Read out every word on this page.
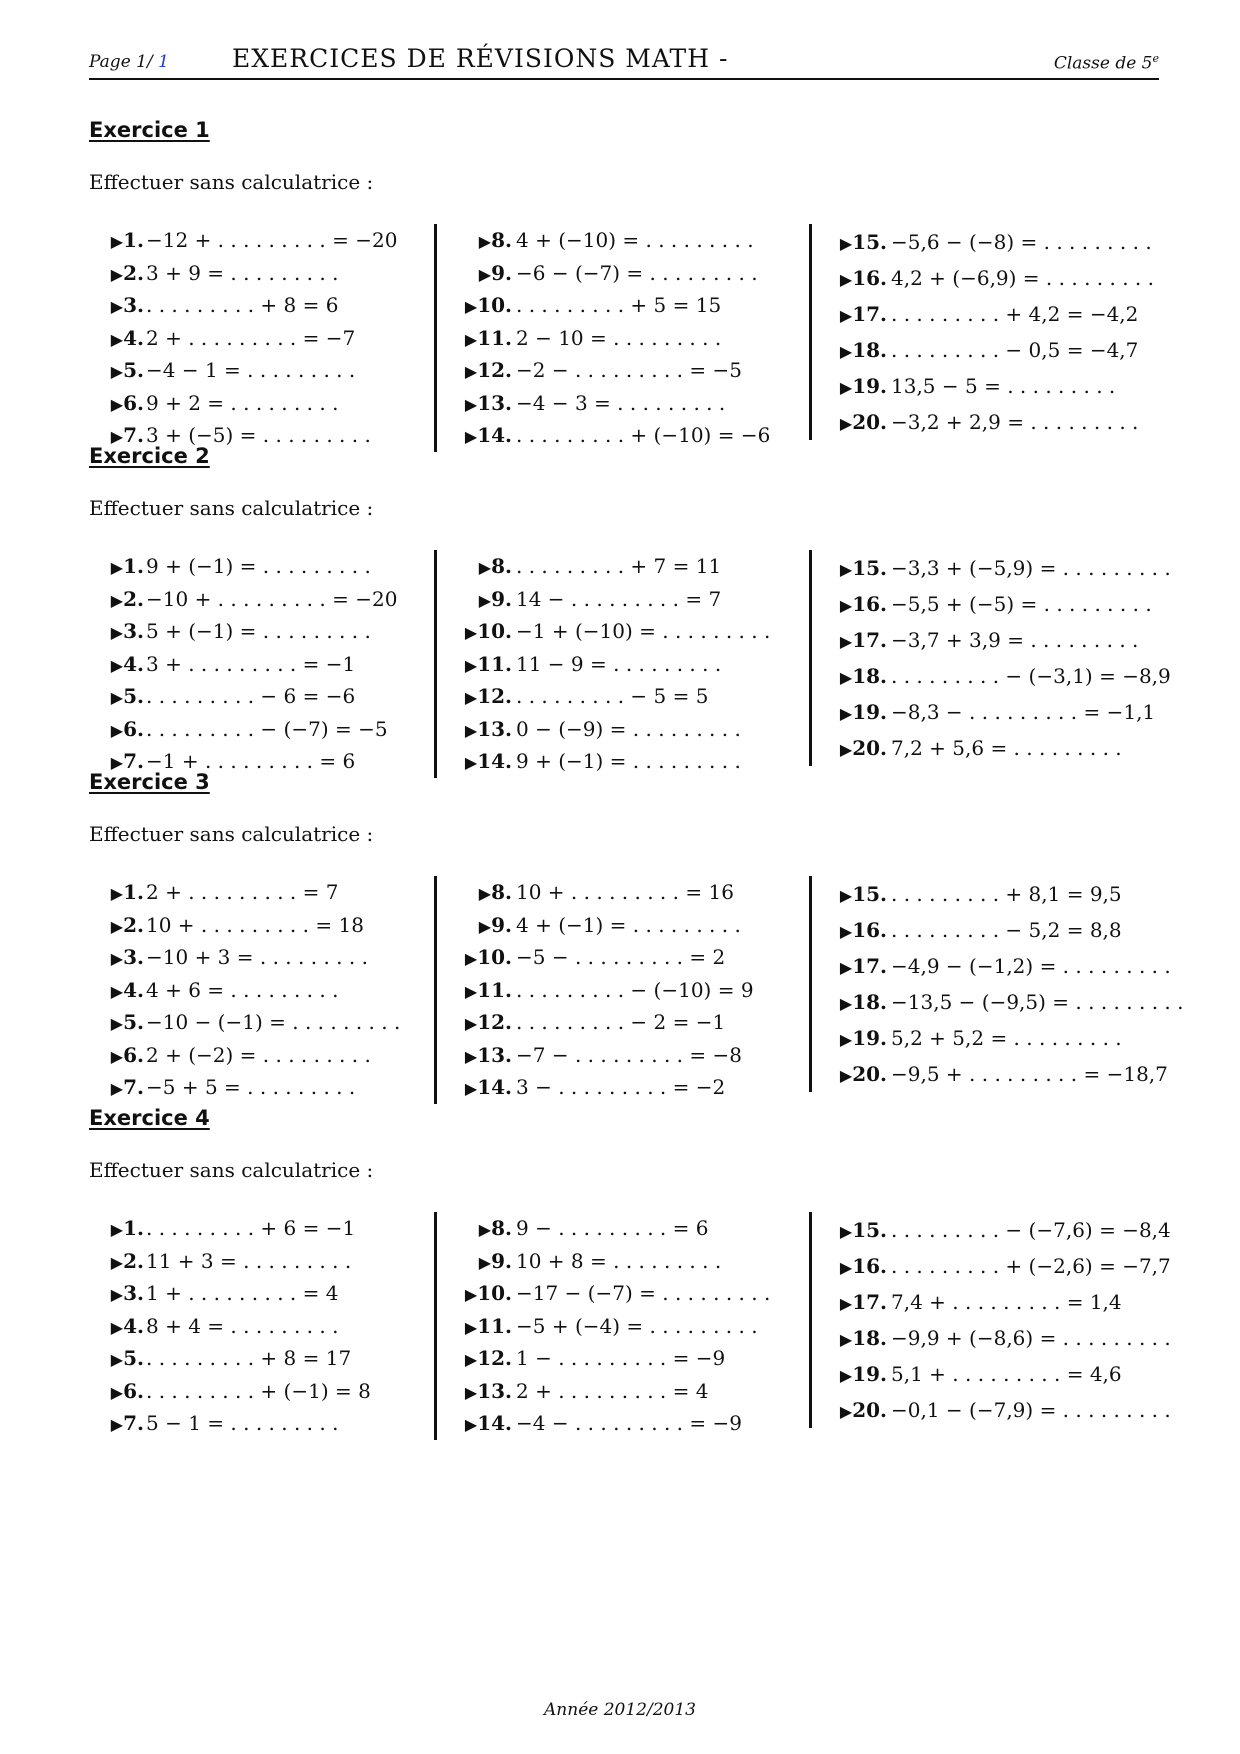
Page 1/ 1	EXERCICES DE RÉVISIONS MATH -	Classe de 5e
Exercice 1
Effectuer sans calculatrice :
▶1. −12 + . . . . . . . . . = −20
▶2. 3 + 9 = . . . . . . . . .
▶3. . . . . . . . . . + 8 = 6
▶4. 2 + . . . . . . . . . = −7
▶5. −4 − 1 = . . . . . . . . .
▶6. 9 + 2 = . . . . . . . . .
▶7. 3 + (−5) = . . . . . . . . .
▶8. 4 + (−10) = . . . . . . . . .
▶9. −6 − (−7) = . . . . . . . . .
▶10. . . . . . . . . . + 5 = 15
▶11. 2 − 10 = . . . . . . . . .
▶12. −2 − . . . . . . . . . = −5
▶13. −4 − 3 = . . . . . . . . .
▶14. . . . . . . . . . + (−10) = −6
▶15. −5,6 − (−8) = . . . . . . . . .
▶16. 4,2 + (−6,9) = . . . . . . . . .
▶17. . . . . . . . . . + 4,2 = −4,2
▶18. . . . . . . . . . − 0,5 = −4,7
▶19. 13,5 − 5 = . . . . . . . . .
▶20. −3,2 + 2,9 = . . . . . . . . .
Exercice 2
Effectuer sans calculatrice :
▶1. 9 + (−1) = . . . . . . . . .
▶2. −10 + . . . . . . . . . = −20
▶3. 5 + (−1) = . . . . . . . . .
▶4. 3 + . . . . . . . . . = −1
▶5. . . . . . . . . . − 6 = −6
▶6. . . . . . . . . . − (−7) = −5
▶7. −1 + . . . . . . . . . = 6
▶8. . . . . . . . . . + 7 = 11
▶9. 14 − . . . . . . . . . = 7
▶10. −1 + (−10) = . . . . . . . . .
▶11. 11 − 9 = . . . . . . . . .
▶12. . . . . . . . . . − 5 = 5
▶13. 0 − (−9) = . . . . . . . . .
▶14. 9 + (−1) = . . . . . . . . .
▶15. −3,3 + (−5,9) = . . . . . . . . .
▶16. −5,5 + (−5) = . . . . . . . . .
▶17. −3,7 + 3,9 = . . . . . . . . .
▶18. . . . . . . . . . − (−3,1) = −8,9
▶19. −8,3 − . . . . . . . . . = −1,1
▶20. 7,2 + 5,6 = . . . . . . . . .
Exercice 3
Effectuer sans calculatrice :
▶1. 2 + . . . . . . . . . = 7
▶2. 10 + . . . . . . . . . = 18
▶3. −10 + 3 = . . . . . . . . .
▶4. 4 + 6 = . . . . . . . . .
▶5. −10 − (−1) = . . . . . . . . .
▶6. 2 + (−2) = . . . . . . . . .
▶7. −5 + 5 = . . . . . . . . .
▶8. 10 + . . . . . . . . . = 16
▶9. 4 + (−1) = . . . . . . . . .
▶10. −5 − . . . . . . . . . = 2
▶11. . . . . . . . . . − (−10) = 9
▶12. . . . . . . . . . − 2 = −1
▶13. −7 − . . . . . . . . . = −8
▶14. 3 − . . . . . . . . . = −2
▶15. . . . . . . . . . + 8,1 = 9,5
▶16. . . . . . . . . . − 5,2 = 8,8
▶17. −4,9 − (−1,2) = . . . . . . . . .
▶18. −13,5 − (−9,5) = . . . . . . . . .
▶19. 5,2 + 5,2 = . . . . . . . . .
▶20. −9,5 + . . . . . . . . . = −18,7
Exercice 4
Effectuer sans calculatrice :
▶1. . . . . . . . . . + 6 = −1
▶2. 11 + 3 = . . . . . . . . .
▶3. 1 + . . . . . . . . . = 4
▶4. 8 + 4 = . . . . . . . . .
▶5. . . . . . . . . . + 8 = 17
▶6. . . . . . . . . . + (−1) = 8
▶7. 5 − 1 = . . . . . . . . .
▶8. 9 − . . . . . . . . . = 6
▶9. 10 + 8 = . . . . . . . . .
▶10. −17 − (−7) = . . . . . . . . .
▶11. −5 + (−4) = . . . . . . . . .
▶12. 1 − . . . . . . . . . = −9
▶13. 2 + . . . . . . . . . = 4
▶14. −4 − . . . . . . . . . = −9
▶15. . . . . . . . . . − (−7,6) = −8,4
▶16. . . . . . . . . . + (−2,6) = −7,7
▶17. 7,4 + . . . . . . . . . = 1,4
▶18. −9,9 + (−8,6) = . . . . . . . . .
▶19. 5,1 + . . . . . . . . . = 4,6
▶20. −0,1 − (−7,9) = . . . . . . . . .
Année 2012/2013
